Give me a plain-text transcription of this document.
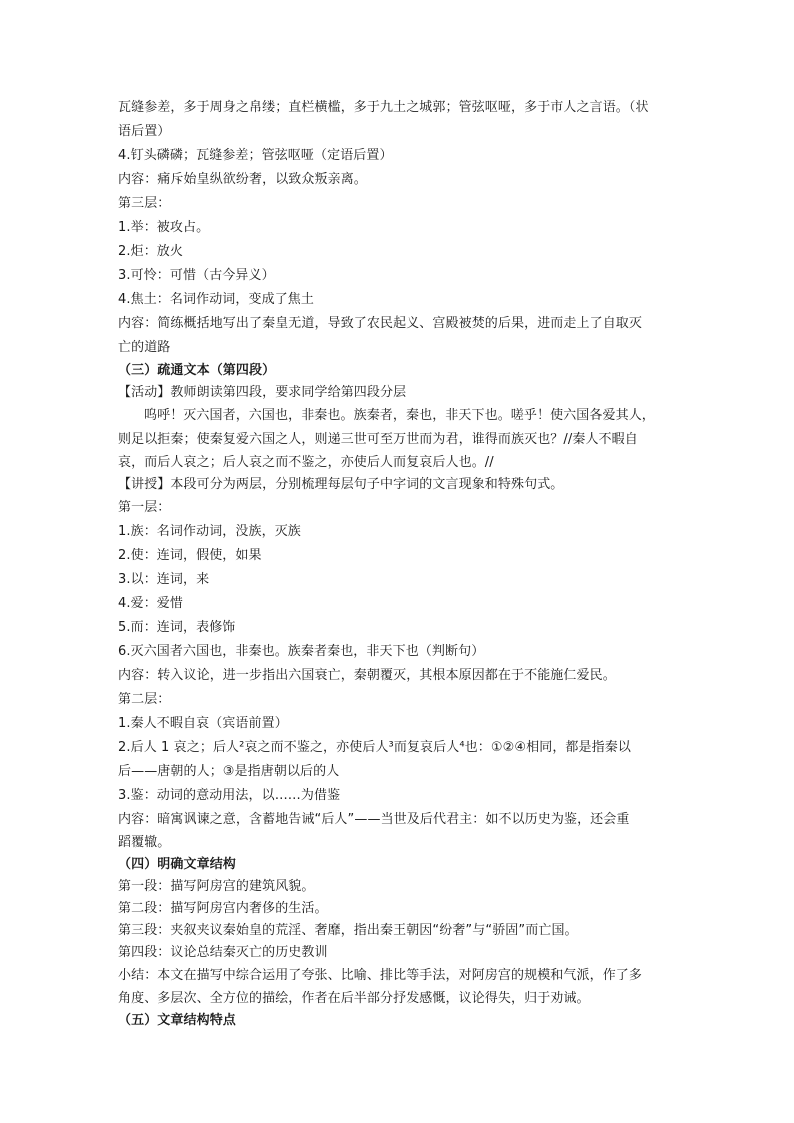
瓦缝参差，多于周身之帛缕；直栏横槛，多于九土之城郭；管弦呕哑，多于市人之言语。（状
语后置）
4.钉头磷磷；瓦缝参差；管弦呕哑（定语后置）
内容：痛斥始皇纵欲纷奢，以致众叛亲离。
第三层：
1.举：被攻占。
2.炬：放火
3.可怜：可惜（古今异义）
4.焦土：名词作动词，变成了焦土
内容：简练概括地写出了秦皇无道，导致了农民起义、宫殿被焚的后果，进而走上了自取灭
亡的道路
（三）疏通文本（第四段）
【活动】教师朗读第四段，要求同学给第四段分层
呜呼！灭六国者，六国也，非秦也。族秦者，秦也，非天下也。嗟乎！使六国各爱其人，
则足以拒秦；使秦复爱六国之人，则递三世可至万世而为君，谁得而族灭也？//秦人不暇自
哀，而后人哀之；后人哀之而不鉴之，亦使后人而复哀后人也。//
【讲授】本段可分为两层，分别梳理每层句子中字词的文言现象和特殊句式。
第一层：
1.族：名词作动词，没族，灭族
2.使：连词，假使，如果
3.以：连词，来
4.爱：爱惜
5.而：连词，表修饰
6.灭六国者六国也，非秦也。族秦者秦也，非天下也（判断句）
内容：转入议论，进一步指出六国衰亡，秦朝覆灭，其根本原因都在于不能施仁爱民。
第二层：
1.秦人不暇自哀（宾语前置）
2.后人 1 哀之；后人²哀之而不鉴之，亦使后人³而复哀后人⁴也：①②④相同，都是指秦以
后——唐朝的人；③是指唐朝以后的人
3.鉴：动词的意动用法，以……为借鉴
内容：暗寓讽谏之意，含蓄地告诫“后人”——当世及后代君主：如不以历史为鉴，还会重
蹈覆辙。
（四）明确文章结构
第一段：描写阿房宫的建筑风貌。
第二段：描写阿房宫内奢侈的生活。
第三段：夹叙夹议秦始皇的荒淫、奢靡，指出秦王朝因“纷奢”与“骄固”而亡国。
第四段：议论总结秦灭亡的历史教训
小结：本文在描写中综合运用了夸张、比喻、排比等手法，对阿房宫的规模和气派，作了多
角度、多层次、全方位的描绘，作者在后半部分抒发感慨，议论得失，归于劝诫。
（五）文章结构特点
